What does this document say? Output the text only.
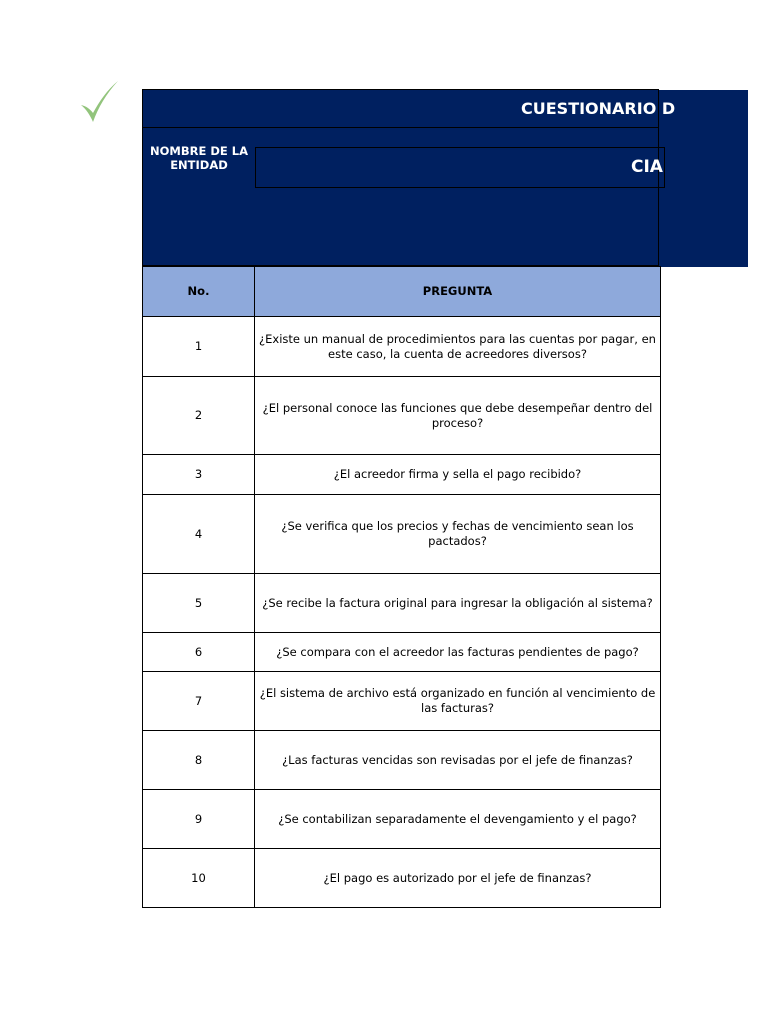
CUESTIONARIO D
NOMBRE DE LA ENTIDAD	CIA
No.	PREGUNTA
1	¿Existe un manual de procedimientos para las cuentas por pagar, en este caso, la cuenta de acreedores diversos?
2	¿El personal conoce las funciones que debe desempeñar dentro del proceso?
3	¿El acreedor firma y sella el pago recibido?
4	¿Se verifica que los precios y fechas de vencimiento sean los pactados?
5	¿Se recibe la factura original para ingresar la obligación al sistema?
6	¿Se compara con el acreedor las facturas pendientes de pago?
7	¿El sistema de archivo está organizado en función al vencimiento de las facturas?
8	¿Las facturas vencidas son revisadas por el jefe de finanzas?
9	¿Se contabilizan separadamente el devengamiento y el pago?
10	¿El pago es autorizado por el jefe de finanzas?
